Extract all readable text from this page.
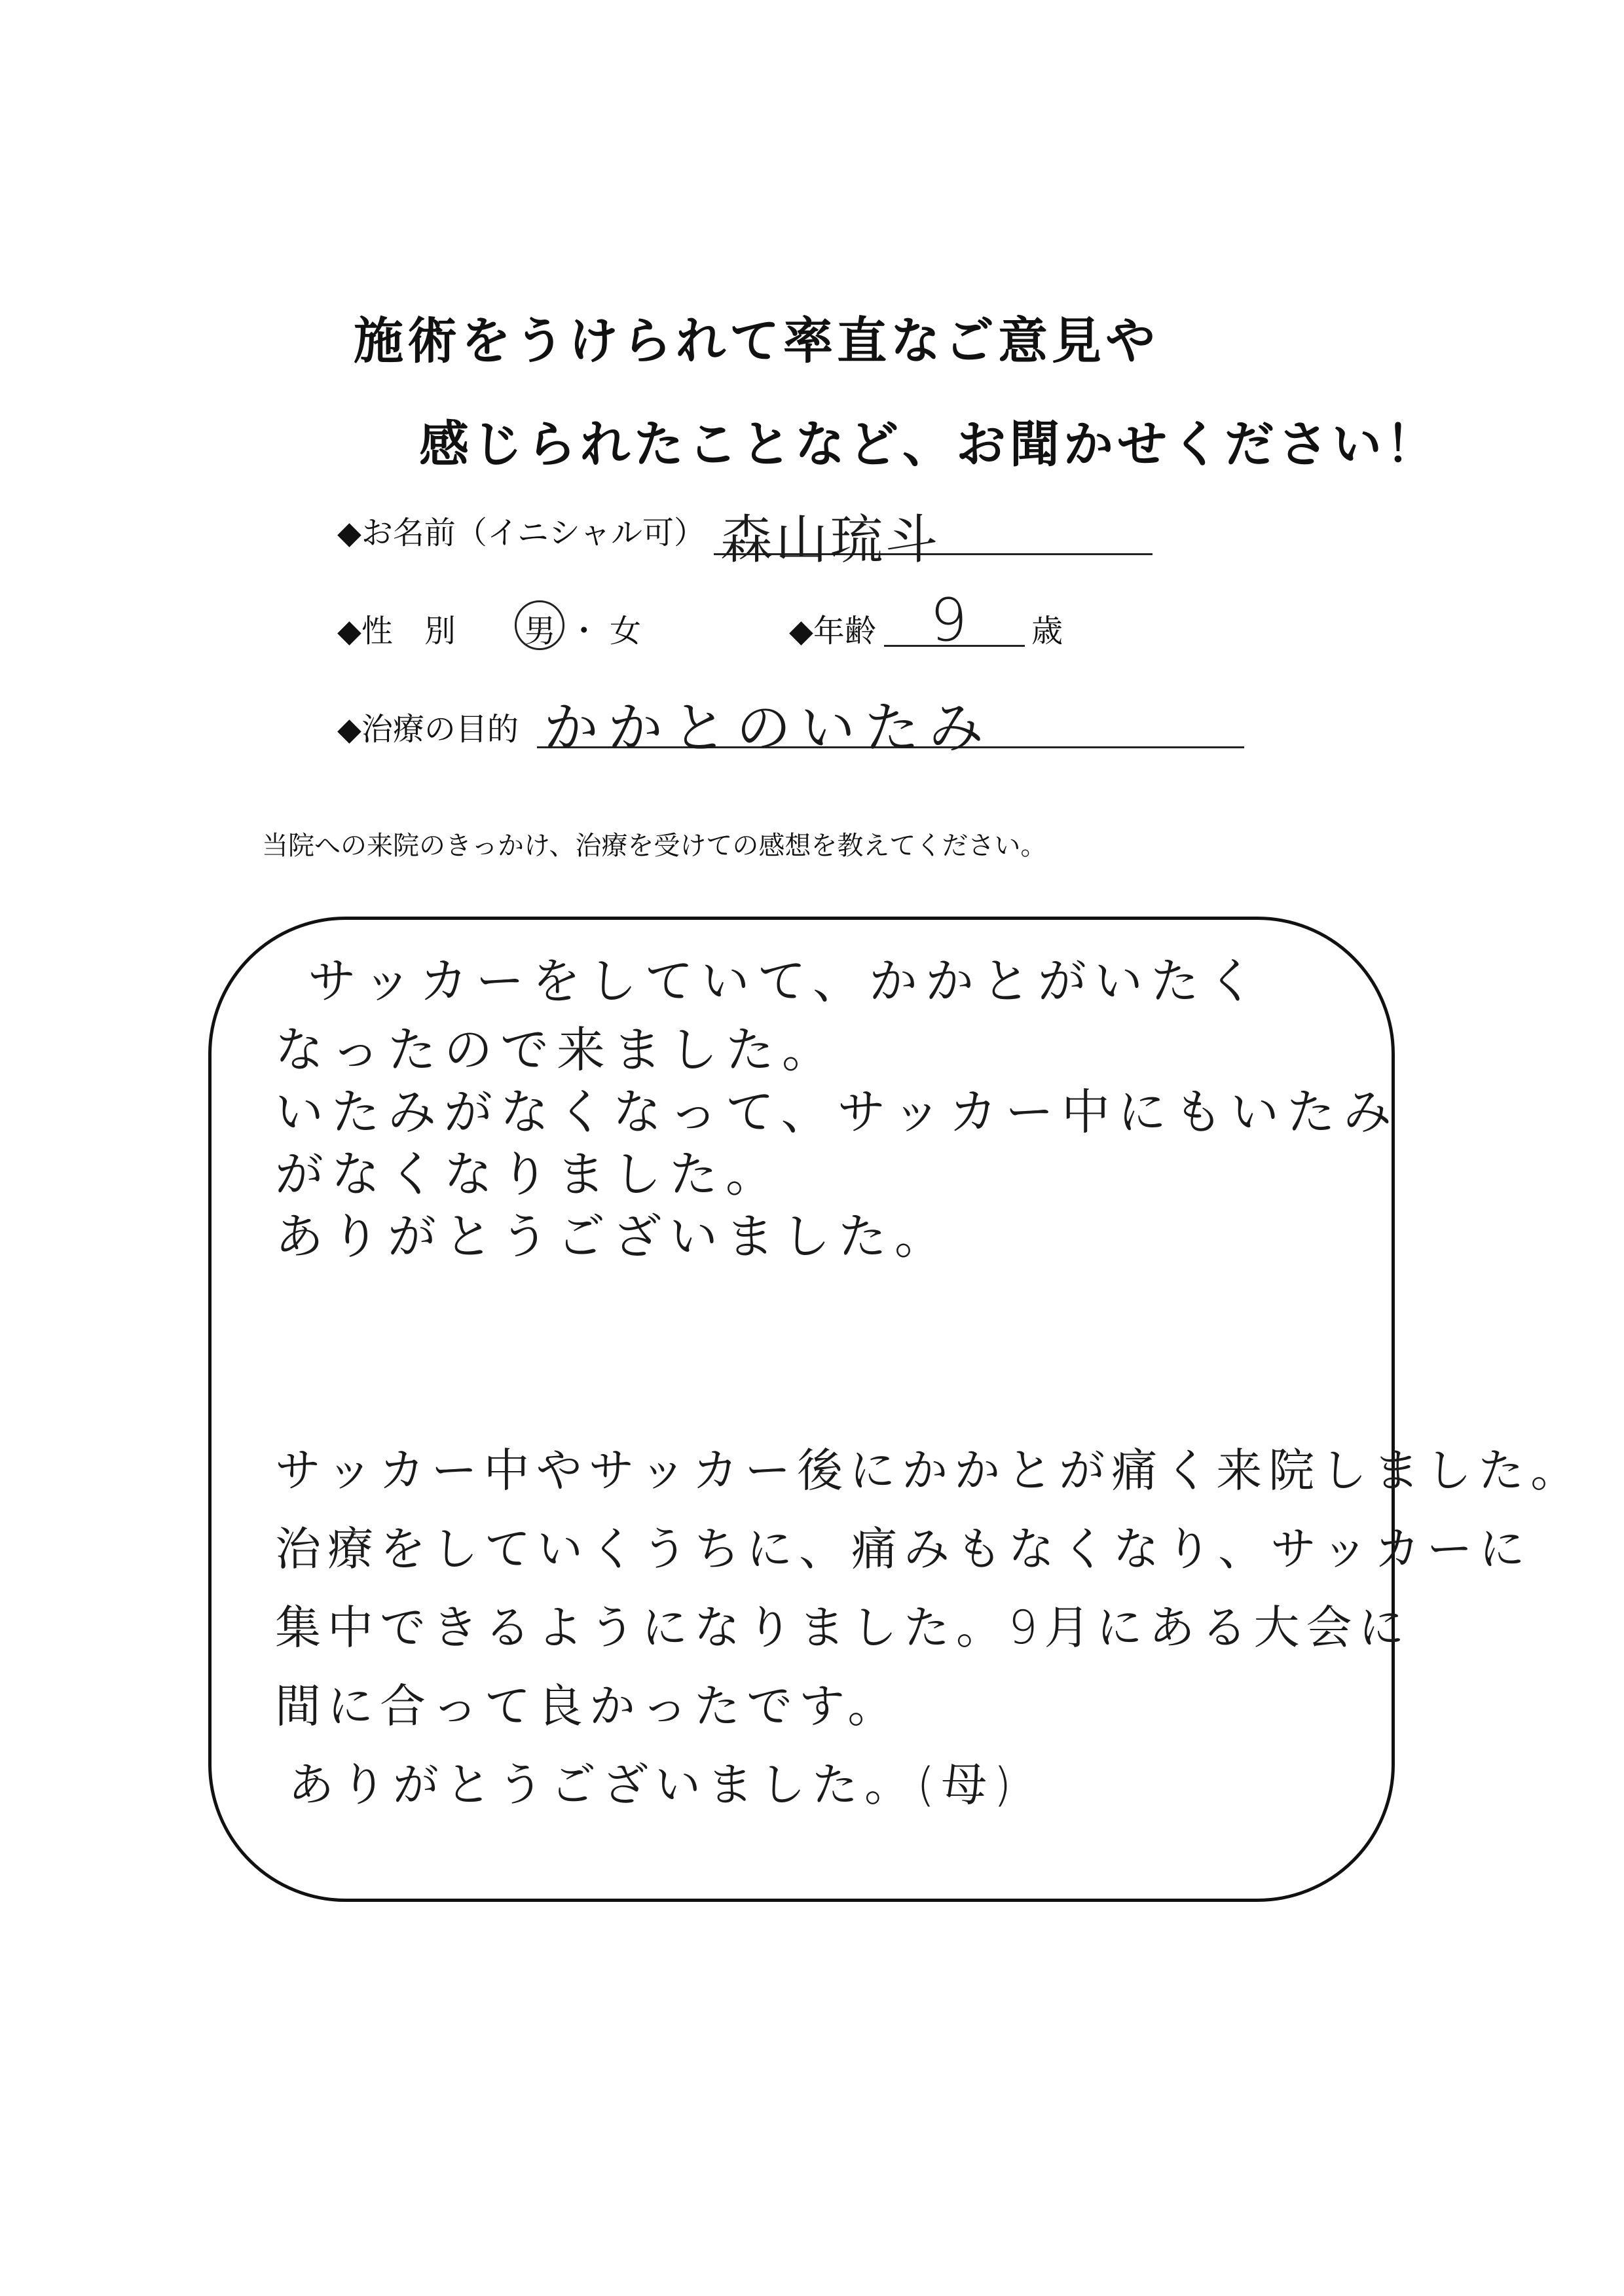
施術をうけられて率直なご意見や
感じられたことなど、お聞かせください！
◆お名前（イニシャル可） 森山琉斗
◆性　別 男 ・ 女	◆年齢 9 歳
◆治療の目的 かかとのいたみ
当院への来院のきっかけ、治療を受けての感想を教えてください。
サッカーをしていて、かかとがいたく
なったので来ました。
いたみがなくなって、サッカー中にもいたみ
がなくなりました。
ありがとうございました。
サッカー中やサッカー後にかかとが痛く来院しました。
治療をしていくうちに、痛みもなくなり、サッカーに
集中できるようになりました。9月にある大会に
間に合って良かったです。
ありがとうございました。(母)
